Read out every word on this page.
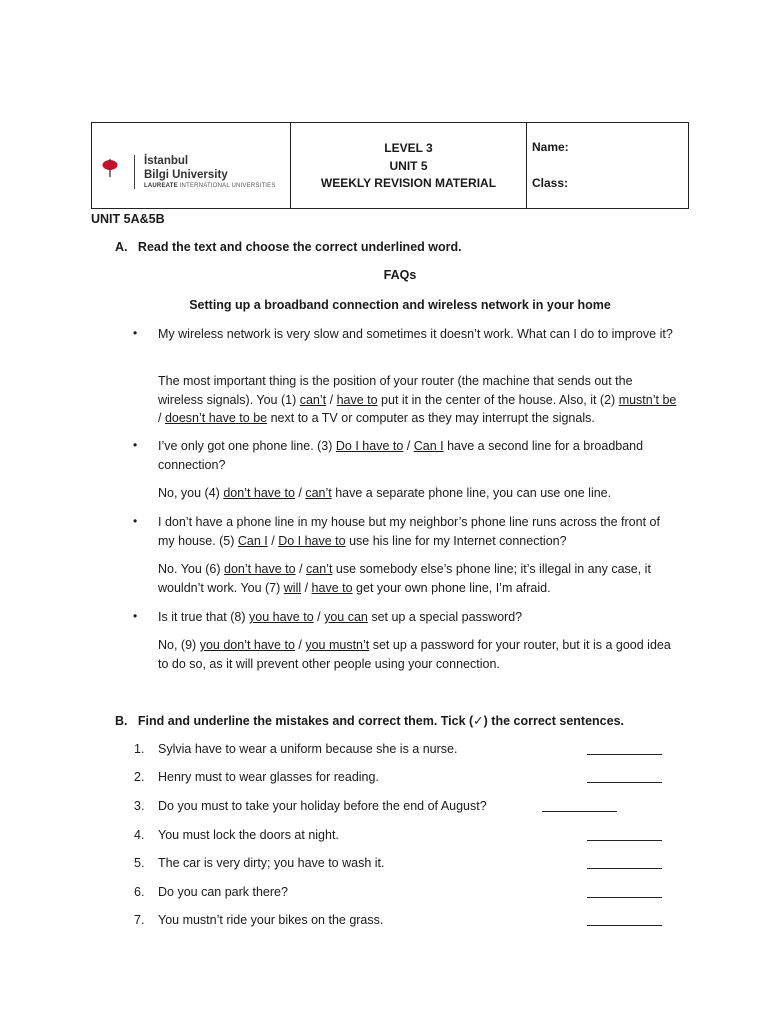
İstanbul
Bilgi University
LAUREATE INTERNATIONAL UNIVERSITIES
LEVEL 3
UNIT 5
WEEKLY REVISION MATERIAL
Name:
Class:
UNIT 5A&5B
A.   Read the text and choose the correct underlined word.
FAQs
Setting up a broadband connection and wireless network in your home
• My wireless network is very slow and sometimes it doesn’t work. What can I do to improve it?
The most important thing is the position of your router (the machine that sends out the wireless signals). You (1) can’t / have to put it in the center of the house. Also, it (2) mustn’t be / doesn’t have to be next to a TV or computer as they may interrupt the signals.
• I’ve only got one phone line. (3) Do I have to / Can I have a second line for a broadband connection?
No, you (4) don’t have to / can’t have a separate phone line, you can use one line.
• I don’t have a phone line in my house but my neighbor’s phone line runs across the front of my house. (5) Can I / Do I have to use his line for my Internet connection?
No. You (6) don’t have to / can’t use somebody else’s phone line; it’s illegal in any case, it wouldn’t work. You (7) will / have to get your own phone line, I’m afraid.
• Is it true that (8) you have to / you can set up a special password?
No, (9) you don’t have to / you mustn’t set up a password for your router, but it is a good idea to do so, as it will prevent other people using your connection.
B.   Find and underline the mistakes and correct them. Tick (✓) the correct sentences.
1. Sylvia have to wear a uniform because she is a nurse.
2. Henry must to wear glasses for reading.
3. Do you must to take your holiday before the end of August?
4. You must lock the doors at night.
5. The car is very dirty; you have to wash it.
6. Do you can park there?
7. You mustn’t ride your bikes on the grass.
